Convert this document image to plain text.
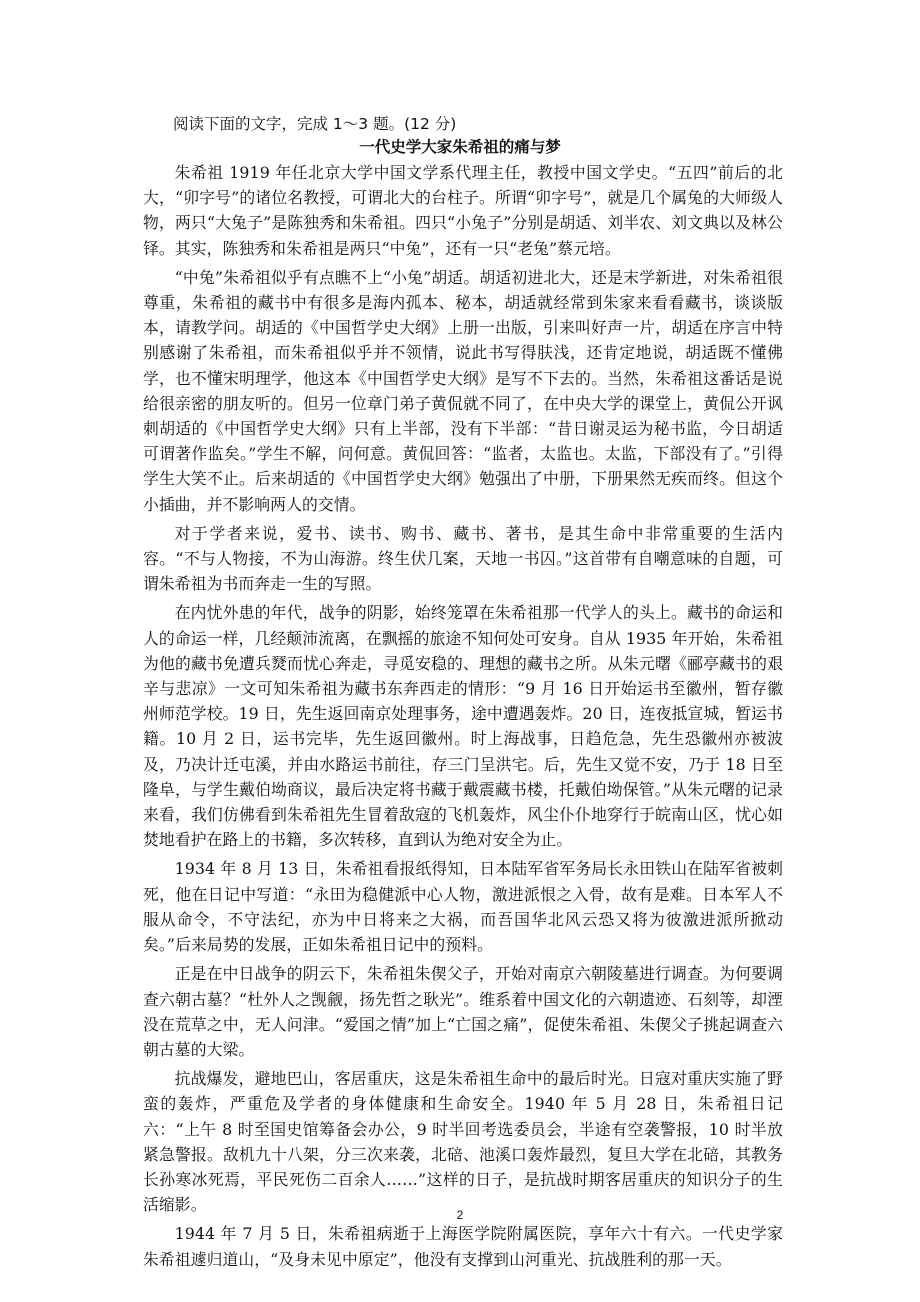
阅读下面的文字，完成 1～3 题。(12 分)
一代史学大家朱希祖的痛与梦

朱希祖 1919 年任北京大学中国文学系代理主任，教授中国文学史。“五四”前后的北大，“卯字号”的诸位名教授，可谓北大的台柱子。所谓“卯字号”，就是几个属兔的大师级人物，两只“大兔子”是陈独秀和朱希祖。四只“小兔子”分别是胡适、刘半农、刘文典以及林公铎。其实，陈独秀和朱希祖是两只“中兔”，还有一只“老兔”蔡元培。

“中兔”朱希祖似乎有点瞧不上“小兔”胡适。胡适初进北大，还是末学新进，对朱希祖很尊重，朱希祖的藏书中有很多是海内孤本、秘本，胡适就经常到朱家来看看藏书，谈谈版本，请教学问。胡适的《中国哲学史大纲》上册一出版，引来叫好声一片，胡适在序言中特别感谢了朱希祖，而朱希祖似乎并不领情，说此书写得肤浅，还肯定地说，胡适既不懂佛学，也不懂宋明理学，他这本《中国哲学史大纲》是写不下去的。当然，朱希祖这番话是说给很亲密的朋友听的。但另一位章门弟子黄侃就不同了，在中央大学的课堂上，黄侃公开讽刺胡适的《中国哲学史大纲》只有上半部，没有下半部：“昔日谢灵运为秘书监，今日胡适可谓著作监矣。”学生不解，问何意。黄侃回答：“监者，太监也。太监，下部没有了。”引得学生大笑不止。后来胡适的《中国哲学史大纲》勉强出了中册，下册果然无疾而终。但这个小插曲，并不影响两人的交情。

对于学者来说，爱书、读书、购书、藏书、著书，是其生命中非常重要的生活内容。“不与人物接，不为山海游。终生伏几案，天地一书囚。”这首带有自嘲意味的自题，可谓朱希祖为书而奔走一生的写照。

在内忧外患的年代，战争的阴影，始终笼罩在朱希祖那一代学人的头上。藏书的命运和人的命运一样，几经颠沛流离，在飘摇的旅途不知何处可安身。自从 1935 年开始，朱希祖为他的藏书免遭兵燹而忧心奔走，寻觅安稳的、理想的藏书之所。从朱元曙《郦亭藏书的艰辛与悲凉》一文可知朱希祖为藏书东奔西走的情形：“9 月 16 日开始运书至徽州，暂存徽州师范学校。19 日，先生返回南京处理事务，途中遭遇轰炸。20 日，连夜抵宣城，暂运书籍。10 月 2 日，运书完毕，先生返回徽州。时上海战事，日趋危急，先生恐徽州亦被波及，乃决计迁屯溪，并由水路运书前往，存三门呈洪宅。后，先生又觉不安，乃于 18 日至隆阜，与学生戴伯坳商议，最后决定将书藏于戴震藏书楼，托戴伯坳保管。”从朱元曙的记录来看，我们仿佛看到朱希祖先生冒着敌寇的飞机轰炸，风尘仆仆地穿行于皖南山区，忧心如焚地看护在路上的书籍，多次转移，直到认为绝对安全为止。

1934 年 8 月 13 日，朱希祖看报纸得知，日本陆军省军务局长永田铁山在陆军省被刺死，他在日记中写道：“永田为稳健派中心人物，激进派恨之入骨，故有是难。日本军人不服从命令，不守法纪，亦为中日将来之大祸，而吾国华北风云恐又将为彼激进派所掀动矣。”后来局势的发展，正如朱希祖日记中的预料。

正是在中日战争的阴云下，朱希祖朱偰父子，开始对南京六朝陵墓进行调查。为何要调查六朝古墓？“杜外人之觊觎，扬先哲之耿光”。维系着中国文化的六朝遗迹、石刻等，却湮没在荒草之中，无人问津。“爱国之情”加上“亡国之痛”，促使朱希祖、朱偰父子挑起调查六朝古墓的大梁。

抗战爆发，避地巴山，客居重庆，这是朱希祖生命中的最后时光。日寇对重庆实施了野蛮的轰炸，严重危及学者的身体健康和生命安全。1940 年 5 月 28 日，朱希祖日记六：“上午 8 时至国史馆筹备会办公，9 时半回考选委员会，半途有空袭警报，10 时半放紧急警报。敌机九十八架，分三次来袭，北碚、池溪口轰炸最烈，复旦大学在北碚，其教务长孙寒冰死焉，平民死伤二百余人……”这样的日子，是抗战时期客居重庆的知识分子的生活缩影。

1944 年 7 月 5 日，朱希祖病逝于上海医学院附属医院，享年六十有六。一代史学家朱希祖遽归道山，“及身未见中原定”，他没有支撑到山河重光、抗战胜利的那一天。

2
